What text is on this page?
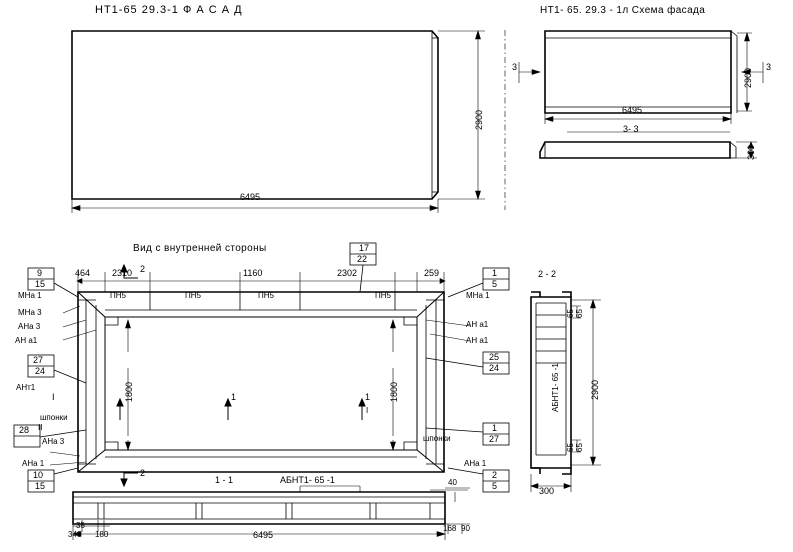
НТ1-65 29.3-1 Ф А С А Д	НТ1- 65. 29.3 - 1л Схема фасада
Вид с внутренней стороны
2 - 2
1 - 1
3- 3
6495
2900	6495
2900
300
3	3
464 2310	1160	2302	259
ПН5	ПН5	ПН5	ПН5
1800	1800
2
2
1
1
I
9
15
27
24
28
10
15
МНа 1
МНа 3
АНа 3
АН а1
АНт1
АНа 3
АНа 1
II
шпонки
1
5
25
24
1
27
2
5
МНа 1
АН а1
АН а1
АНа 1
шпонки
I
17
22
АБНТ1- 65 -1
6495
40
168 90
340 180
35
АБНТ1- 65 -1	2900
300
65
65
65
65
